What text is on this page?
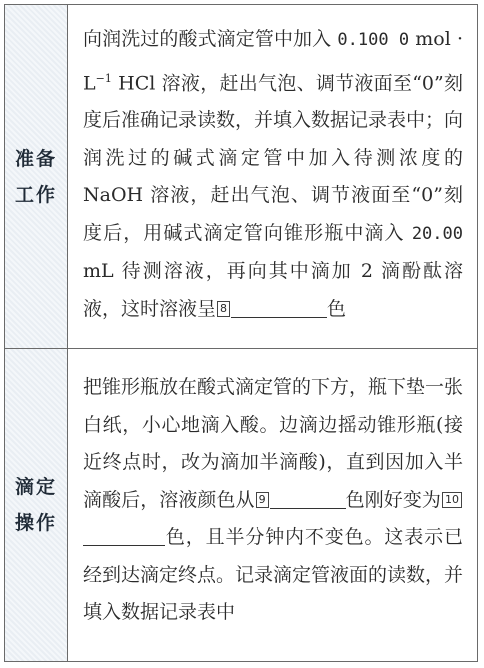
准备
工作
向润洗过的酸式滴定管中加入 0.100 0 mol · $L^{-1}$ HCl 溶液，赶出气泡、调节液面至“0”刻度后准确记录读数，并填入数据记录表中；向润洗过的碱式滴定管中加入待测浓度的 NaOH 溶液，赶出气泡、调节液面至“0”刻度后，用碱式滴定管向锥形瓶中滴入 20.00 mL 待测溶液，再向其中滴加 2 滴酚酞溶液，这时溶液呈 8	色
滴定
操作
把锥形瓶放在酸式滴定管的下方，瓶下垫一张白纸，小心地滴入酸。边滴边摇动锥形瓶(接近终点时，改为滴加半滴酸)，直到因加入半滴酸后，溶液颜色从 9	色刚好变为 10色，且半分钟内不变色。这表示已经到达滴定终点。记录滴定管液面的读数，并填入数据记录表中
